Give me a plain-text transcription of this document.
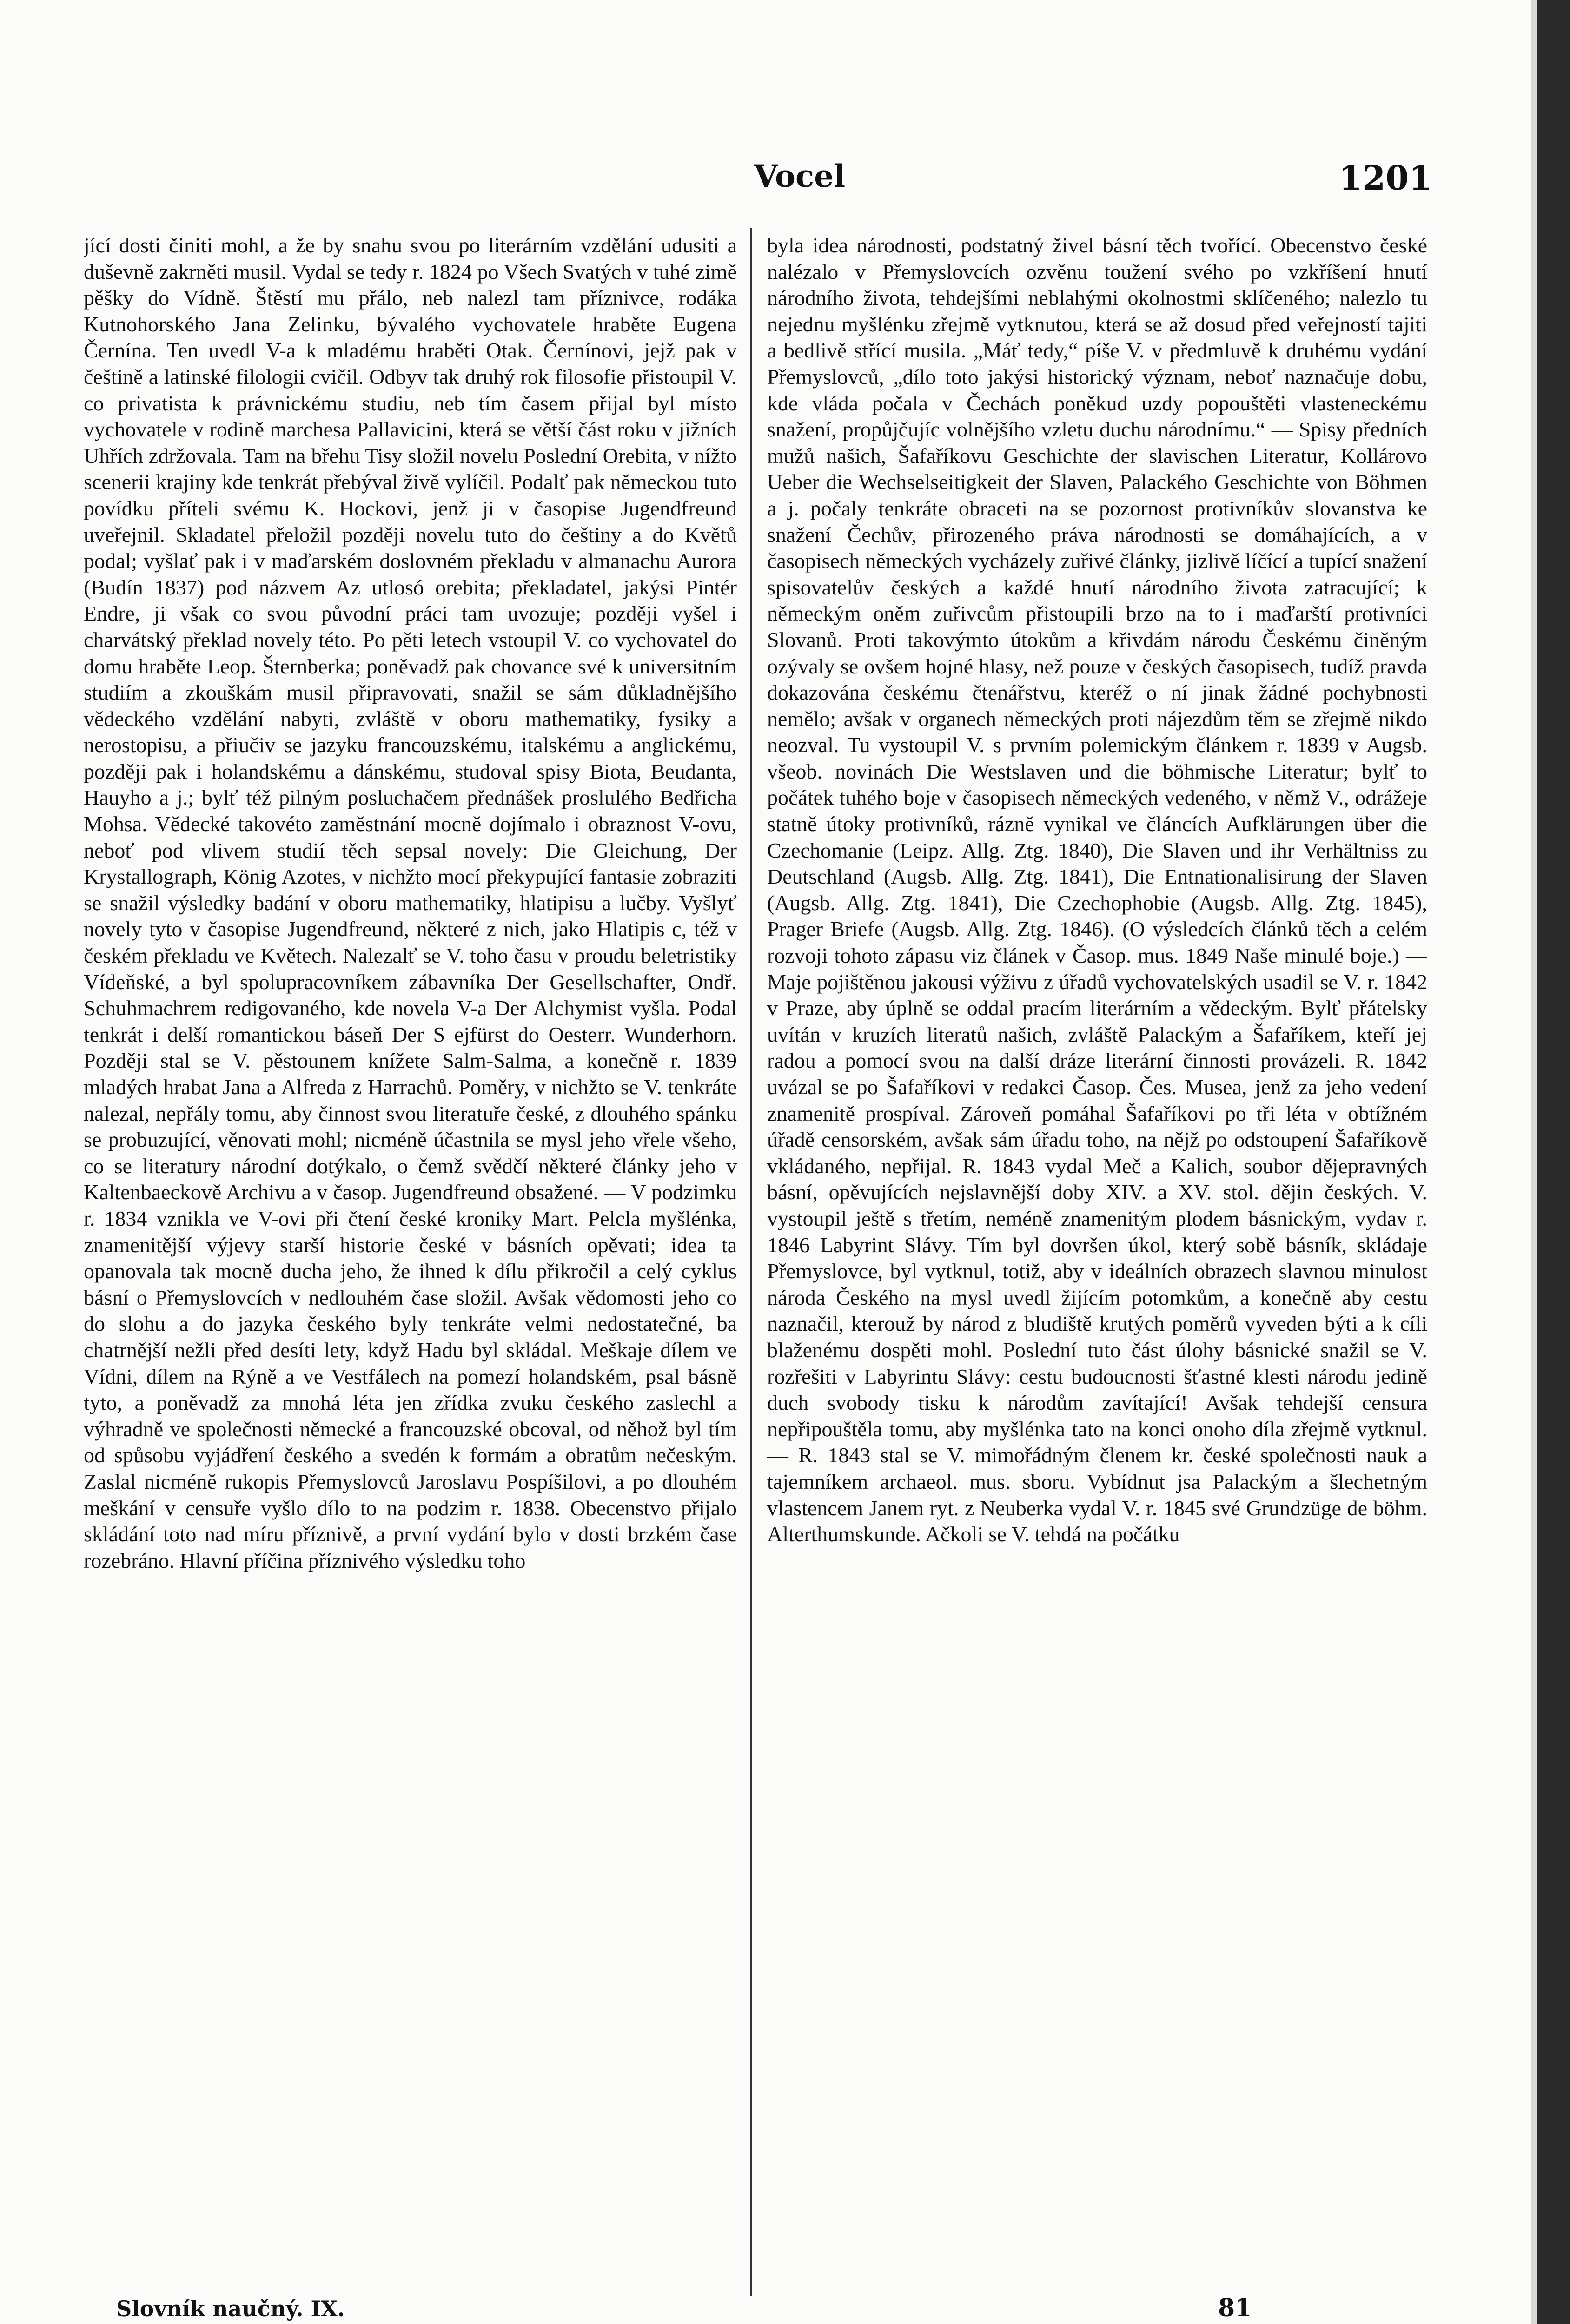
Vocel	1201
jící dosti činiti mohl, a že by snahu svou po literárním vzdělání udusiti a duševně zakrněti musil. Vydal se tedy r. 1824 po Všech Svatých v tuhé zimě pěšky do Vídně. Štěstí mu přálo, neb nalezl tam příznivce, rodáka Kutnohorského Jana Zelinku, bývalého vychovatele hraběte Eugena Černína. Ten uvedl V-a k mladému hraběti Otak. Černínovi, jejž pak v češtině a latinské filologii cvičil. Odbyv tak druhý rok filosofie přistoupil V. co privatista k právnickému studiu, neb tím časem přijal byl místo vychovatele v rodině marchesa Pallavicini, která se větší část roku v jižních Uhřích zdržovala. Tam na břehu Tisy složil novelu Poslední Orebita, v nížto scenerii krajiny kde tenkrát přebýval živě vylíčil. Podalť pak německou tuto povídku příteli svému K. Hockovi, jenž ji v časopise Jugendfreund uveřejnil. Skladatel přeložil později novelu tuto do češtiny a do Květů podal; vyšlať pak i v maďarském doslovném překladu v almanachu Aurora (Budín 1837) pod názvem Az utlosó orebita; překladatel, jakýsi Pintér Endre, ji však co svou původní práci tam uvozuje; později vyšel i charvátský překlad novely této. Po pěti letech vstoupil V. co vychovatel do domu hraběte Leop. Šternberka; poněvadž pak chovance své k universitním studiím a zkouškám musil připravovati, snažil se sám důkladnějšího vědeckého vzdělání nabyti, zvláště v oboru mathematiky, fysiky a nerostopisu, a přiučiv se jazyku francouzskému, italskému a anglickému, později pak i holandskému a dánskému, studoval spisy Biota, Beudanta, Hauyho a j.; bylť též pilným posluchačem přednášek proslulého Bedřicha Mohsa. Vědecké takovéto zaměstnání mocně dojímalo i obraznost V-ovu, neboť pod vlivem studií těch sepsal novely: Die Gleichung, Der Krystallograph, König Azotes, v nichžto mocí překypující fantasie zobraziti se snažil výsledky badání v oboru mathematiky, hlatipisu a lučby. Vyšlyť novely tyto v časopise Jugendfreund, některé z nich, jako Hlatipis c, též v českém překladu ve Květech. Nalezalť se V. toho času v proudu beletristiky Vídeňské, a byl spolupracovníkem zábavníka Der Gesellschafter, Ondř. Schuhmachrem redigovaného, kde novela V-a Der Alchymist vyšla. Podal tenkrát i delší romantickou báseň Der S ejfürst do Oesterr. Wunderhorn. Později stal se V. pěstounem knížete Salm-Salma, a konečně r. 1839 mladých hrabat Jana a Alfreda z Harrachů. Poměry, v nichžto se V. tenkráte nalezal, nepřály tomu, aby činnost svou literatuře české, z dlouhého spánku se probuzující, věnovati mohl; nicméně účastnila se mysl jeho vřele všeho, co se literatury národní dotýkalo, o čemž svědčí některé články jeho v Kaltenbaeckově Archivu a v časop. Jugendfreund obsažené. — V podzimku r. 1834 vznikla ve V-ovi při čtení české kroniky Mart. Pelcla myšlénka, znamenitější výjevy starší historie české v básních opěvati; idea ta opanovala tak mocně ducha jeho, že ihned k dílu přikročil a celý cyklus básní o Přemyslovcích v nedlouhém čase složil. Avšak vědomosti jeho co do slohu a do jazyka českého byly tenkráte velmi nedostatečné, ba chatrnější nežli před desíti lety, když Hadu byl skládal. Meškaje dílem ve Vídni, dílem na Rýně a ve Vestfálech na pomezí holandském, psal básně tyto, a poněvadž za mnohá léta jen zřídka zvuku českého zaslechl a výhradně ve společnosti německé a francouzské obcoval, od něhož byl tím od spůsobu vyjádření českého a svedén k formám a obratům nečeským. Zaslal nicméně rukopis Přemyslovců Jaroslavu Pospíšilovi, a po dlouhém meškání v censuře vyšlo dílo to na podzim r. 1838. Obecenstvo přijalo skládání toto nad míru příznivě, a první vydání bylo v dosti brzkém čase rozebráno. Hlavní příčina příznivého výsledku toho
byla idea národnosti, podstatný živel básní těch tvořící. Obecenstvo české nalézalo v Přemyslovcích ozvěnu toužení svého po vzkříšení hnutí národního života, tehdejšími neblahými okolnostmi sklíčeného; nalezlo tu nejednu myšlénku zřejmě vytknutou, která se až dosud před veřejností tajiti a bedlivě střící musila. „Máť tedy,“ píše V. v předmluvě k druhému vydání Přemyslovců, „dílo toto jakýsi historický význam, neboť naznačuje dobu, kde vláda počala v Čechách poněkud uzdy popouštěti vlasteneckému snažení, propůjčujíc volnějšího vzletu duchu národnímu.“ — Spisy předních mužů našich, Šafaříkovu Geschichte der slavischen Literatur, Kollárovo Ueber die Wechselseitigkeit der Slaven, Palackého Geschichte von Böhmen a j. počaly tenkráte obraceti na se pozornost protivníkův slovanstva ke snažení Čechův, přirozeného práva národnosti se domáhajících, a v časopisech německých vycházely zuřivé články, jizlivě líčící a tupící snažení spisovatelův českých a každé hnutí národního života zatracující; k německým oněm zuřivcům přistoupili brzo na to i maďarští protivníci Slovanů. Proti takovýmto útokům a křivdám národu Českému činěným ozývaly se ovšem hojné hlasy, než pouze v českých časopisech, tudíž pravda dokazována českému čtenářstvu, kteréž o ní jinak žádné pochybnosti nemělo; avšak v organech německých proti nájezdům těm se zřejmě nikdo neozval. Tu vystoupil V. s prvním polemickým článkem r. 1839 v Augsb. všeob. novinách Die Westslaven und die böhmische Literatur; bylť to počátek tuhého boje v časopisech německých vedeného, v němž V., odrážeje statně útoky protivníků, rázně vynikal ve článcích Aufklärungen über die Czechomanie (Leipz. Allg. Ztg. 1840), Die Slaven und ihr Verhältniss zu Deutschland (Augsb. Allg. Ztg. 1841), Die Entnationalisirung der Slaven (Augsb. Allg. Ztg. 1841), Die Czechophobie (Augsb. Allg. Ztg. 1845), Prager Briefe (Augsb. Allg. Ztg. 1846). (O výsledcích článků těch a celém rozvoji tohoto zápasu viz článek v Časop. mus. 1849 Naše minulé boje.) — Maje pojištěnou jakousi výživu z úřadů vychovatelských usadil se V. r. 1842 v Praze, aby úplně se oddal pracím literárním a vědeckým. Bylť přátelsky uvítán v kruzích literatů našich, zvláště Palackým a Šafaříkem, kteří jej radou a pomocí svou na další dráze literární činnosti provázeli. R. 1842 uvázal se po Šafaříkovi v redakci Časop. Čes. Musea, jenž za jeho vedení znamenitě prospíval. Zároveň pomáhal Šafaříkovi po tři léta v obtížném úřadě censorském, avšak sám úřadu toho, na nějž po odstoupení Šafaříkově vkládaného, nepřijal. R. 1843 vydal Meč a Kalich, soubor dějepravných básní, opěvujících nejslavnější doby XIV. a XV. stol. dějin českých. V. vystoupil ještě s třetím, neméně znamenitým plodem básnickým, vydav r. 1846 Labyrint Slávy. Tím byl dovršen úkol, který sobě básník, skládaje Přemyslovce, byl vytknul, totiž, aby v ideálních obrazech slavnou minulost národa Českého na mysl uvedl žijícím potomkům, a konečně aby cestu naznačil, kterouž by národ z bludiště krutých poměrů vyveden býti a k cíli blaženému dospěti mohl. Poslední tuto část úlohy básnické snažil se V. rozřešiti v Labyrintu Slávy: cestu budoucnosti šťastné klesti národu jedině duch svobody tisku k národům zavítající! Avšak tehdejší censura nepřipouštěla tomu, aby myšlénka tato na konci onoho díla zřejmě vytknul. — R. 1843 stal se V. mimořádným členem kr. české společnosti nauk a tajemníkem archaeol. mus. sboru. Vybídnut jsa Palackým a šlechetným vlastencem Janem ryt. z Neuberka vydal V. r. 1845 své Grundzüge de böhm. Alterthumskunde. Ačkoli se V. tehdá na počátku
Slovník naučný. IX.	81
